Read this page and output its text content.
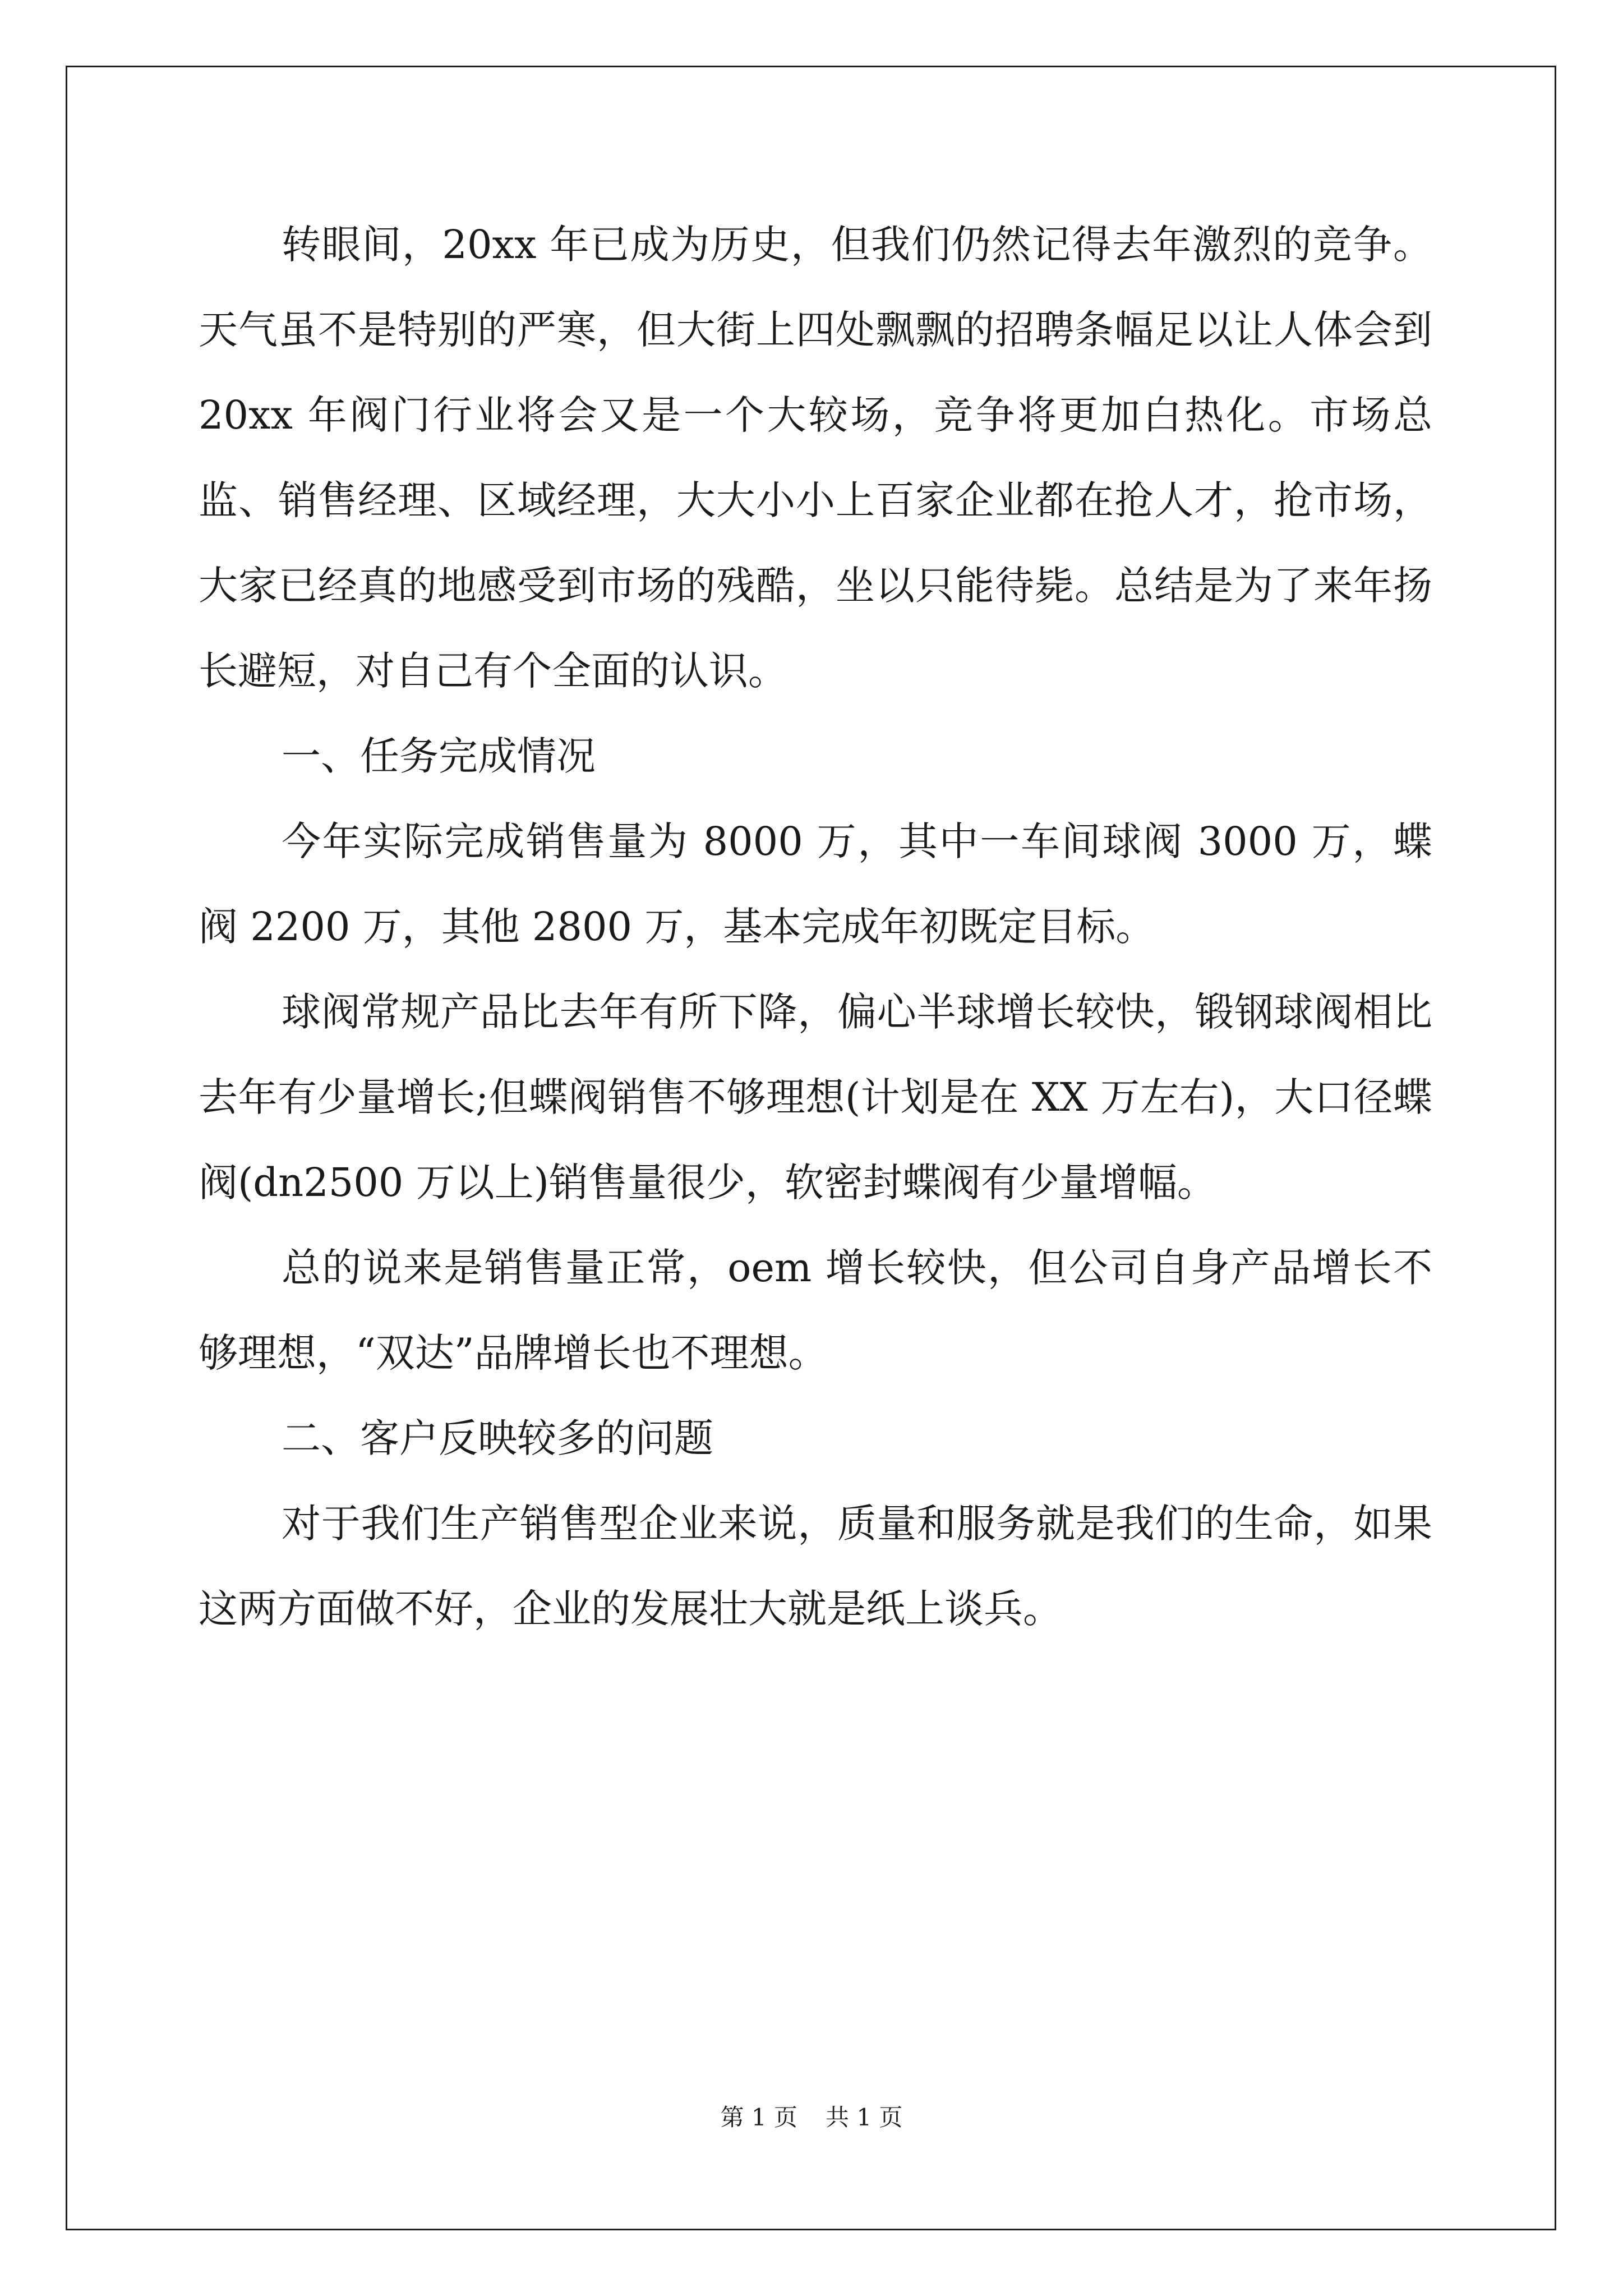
转眼间，20xx 年已成为历史，但我们仍然记得去年激烈的竞争。天气虽不是特别的严寒，但大街上四处飘飘的招聘条幅足以让人体会到 20xx 年阀门行业将会又是一个大较场，竞争将更加白热化。市场总监、销售经理、区域经理，大大小小上百家企业都在抢人才，抢市场，大家已经真的地感受到市场的残酷，坐以只能待毙。总结是为了来年扬长避短，对自己有个全面的认识。

一、任务完成情况

今年实际完成销售量为 8000 万，其中一车间球阀 3000 万，蝶阀 2200 万，其他 2800 万，基本完成年初既定目标。

球阀常规产品比去年有所下降，偏心半球增长较快，锻钢球阀相比去年有少量增长;但蝶阀销售不够理想(计划是在 XX 万左右)，大口径蝶阀(dn2500 万以上)销售量很少，软密封蝶阀有少量增幅。

总的说来是销售量正常，oem 增长较快，但公司自身产品增长不够理想，“双达”品牌增长也不理想。

二、客户反映较多的问题

对于我们生产销售型企业来说，质量和服务就是我们的生命，如果这两方面做不好，企业的发展壮大就是纸上谈兵。

第 1 页 共 1 页
